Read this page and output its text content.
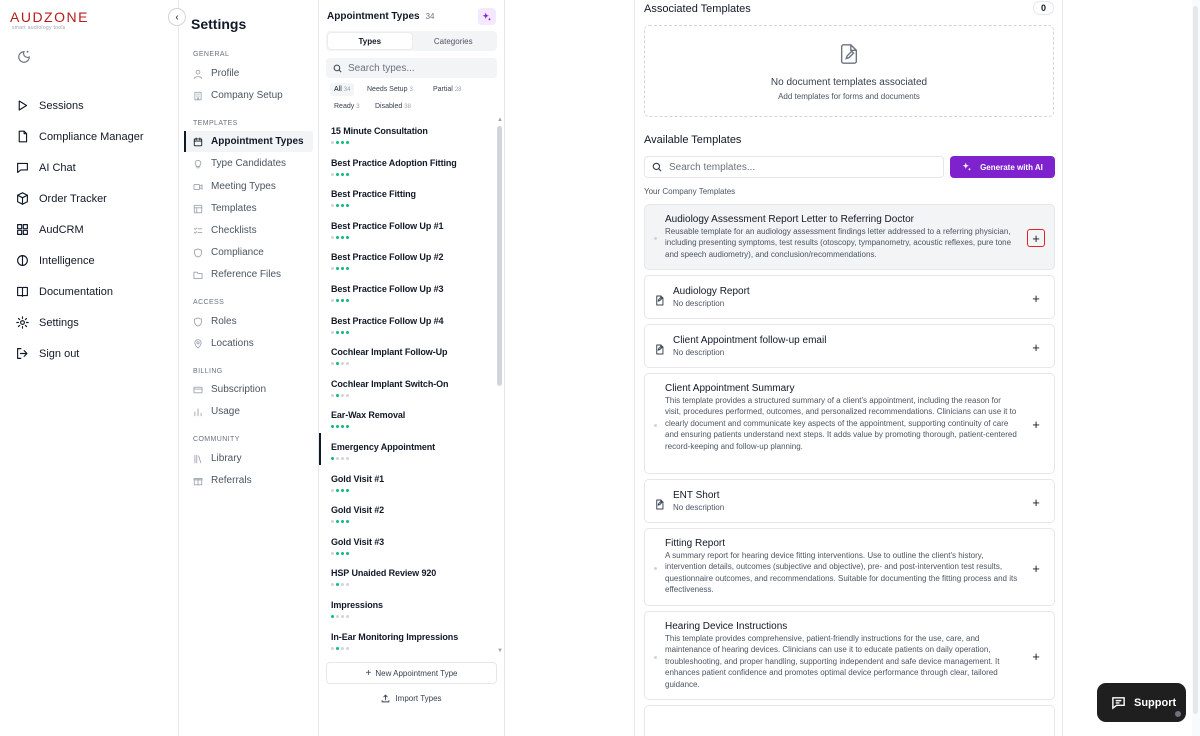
AUDZONE
smart audiology tools
Sessions
Compliance Manager
AI Chat
Order Tracker
AudCRM
Intelligence
Documentation
Settings
Sign out
‹ Settings
GENERAL
Profile
Company Setup
TEMPLATES
Appointment Types
Type Candidates
Meeting Types
Templates
Checklists
Compliance
Reference Files
ACCESS
Roles
Locations
BILLING
Subscription
Usage
COMMUNITY
Library
Referrals
Appointment Types 34
Types	Categories
Search types...
All 34 Needs Setup 3	Partial 28
Ready 3 Disabled 38
15 Minute Consultation
Best Practice Adoption Fitting
Best Practice Fitting
Best Practice Follow Up #1
Best Practice Follow Up #2
Best Practice Follow Up #3
Best Practice Follow Up #4
Cochlear Implant Follow-Up
Cochlear Implant Switch-On
Ear-Wax Removal
Emergency Appointment
Gold Visit #1
Gold Visit #2
Gold Visit #3
HSP Unaided Review 920
Impressions
In-Ear Monitoring Impressions
▲
▼
+ New Appointment Type
Import Types
Associated Templates	0
No document templates associated
Add templates for forms and documents
Available Templates
Search templates...	Generate with AI
Your Company Templates
Audiology Assessment Report Letter to Referring Doctor
Reusable template for an audiology assessment findings letter addressed to a referring physician, including presenting symptoms, test results (otoscopy, tympanometry, acoustic reflexes, pure tone and speech audiometry), and conclusion/recommendations.
+
Audiology Report
No description	+
Client Appointment follow-up email
No description	+
Client Appointment Summary
This template provides a structured summary of a client's appointment, including the reason for visit, procedures performed, outcomes, and personalized recommendations. Clinicians can use it to clearly document and communicate key aspects of the appointment, supporting continuity of care and ensuring patients understand next steps. It adds value by promoting thorough, patient-centered record-keeping and follow-up planning.
+
ENT Short
No description	+
Fitting Report
A summary report for hearing device fitting interventions. Use to outline the client's history, intervention details, outcomes (subjective and objective), pre- and post-intervention test results, questionnaire outcomes, and recommendations. Suitable for documenting the fitting process and its effectiveness.
+
Hearing Device Instructions
This template provides comprehensive, patient-friendly instructions for the use, care, and maintenance of hearing devices. Clinicians can use it to educate patients on daily operation, troubleshooting, and proper handling, supporting independent and safe device management. It enhances patient confidence and promotes optimal device performance through clear, tailored guidance.
+
Support
